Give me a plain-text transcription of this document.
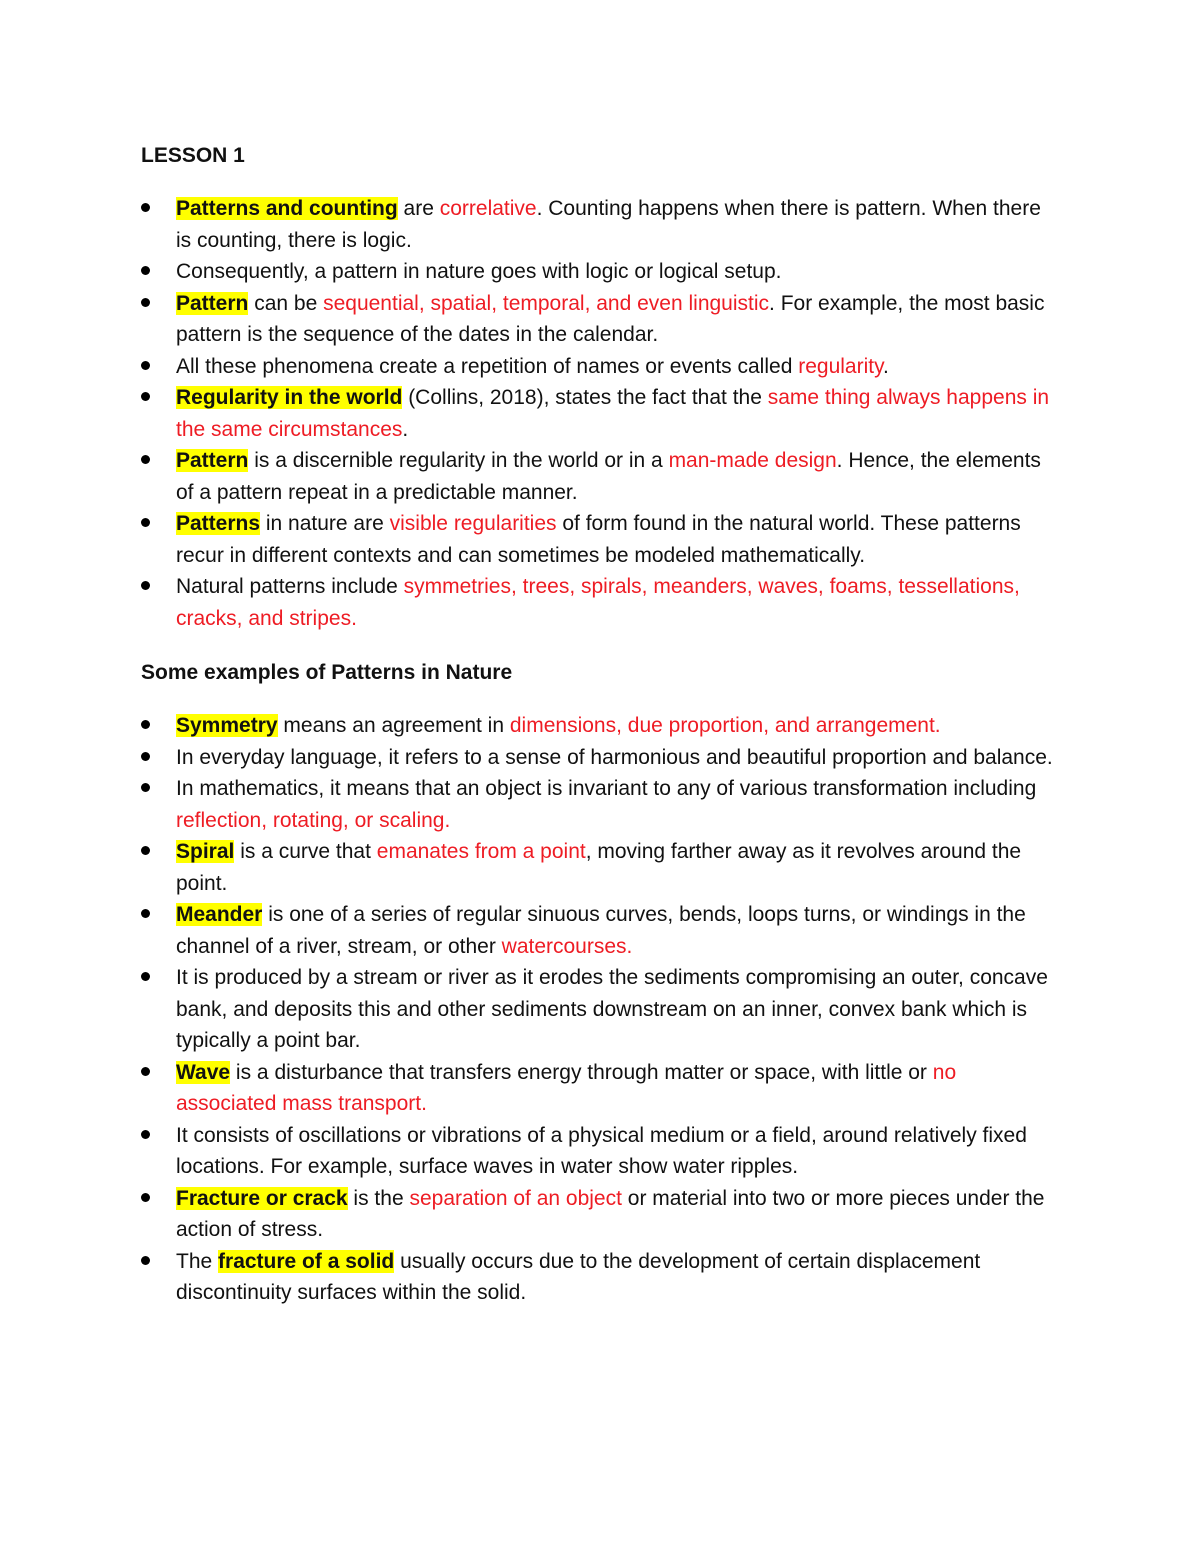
LESSON 1
Patterns and counting are correlative. Counting happens when there is pattern. When there is counting, there is logic.
Consequently, a pattern in nature goes with logic or logical setup.
Pattern can be sequential, spatial, temporal, and even linguistic. For example, the most basic pattern is the sequence of the dates in the calendar.
All these phenomena create a repetition of names or events called regularity.
Regularity in the world (Collins, 2018), states the fact that the same thing always happens in the same circumstances.
Pattern is a discernible regularity in the world or in a man-made design. Hence, the elements of a pattern repeat in a predictable manner.
Patterns in nature are visible regularities of form found in the natural world. These patterns recur in different contexts and can sometimes be modeled mathematically.
Natural patterns include symmetries, trees, spirals, meanders, waves, foams, tessellations, cracks, and stripes.
Some examples of Patterns in Nature
Symmetry means an agreement in dimensions, due proportion, and arrangement.
In everyday language, it refers to a sense of harmonious and beautiful proportion and balance.
In mathematics, it means that an object is invariant to any of various transformation including reflection, rotating, or scaling.
Spiral is a curve that emanates from a point, moving farther away as it revolves around the point.
Meander is one of a series of regular sinuous curves, bends, loops turns, or windings in the channel of a river, stream, or other watercourses.
It is produced by a stream or river as it erodes the sediments compromising an outer, concave bank, and deposits this and other sediments downstream on an inner, convex bank which is typically a point bar.
Wave is a disturbance that transfers energy through matter or space, with little or no associated mass transport.
It consists of oscillations or vibrations of a physical medium or a field, around relatively fixed locations. For example, surface waves in water show water ripples.
Fracture or crack is the separation of an object or material into two or more pieces under the action of stress.
The fracture of a solid usually occurs due to the development of certain displacement discontinuity surfaces within the solid.
